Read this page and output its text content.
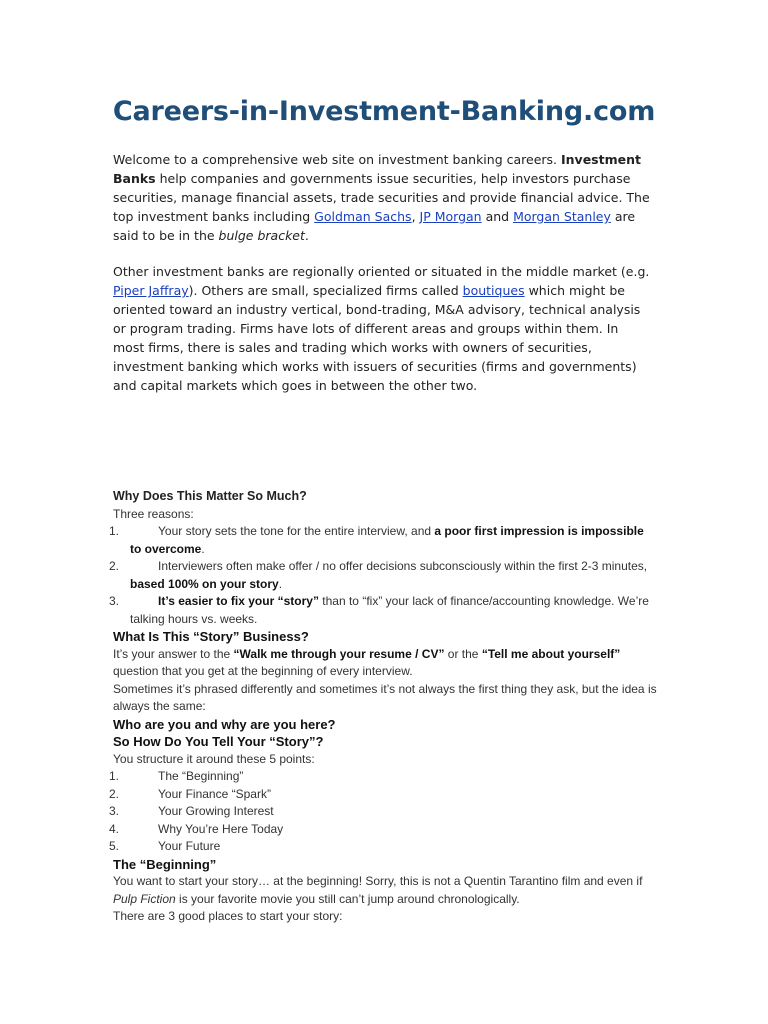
Careers-in-Investment-Banking.com
Welcome to a comprehensive web site on investment banking careers. Investment Banks help companies and governments issue securities, help investors purchase securities, manage financial assets, trade securities and provide financial advice. The top investment banks including Goldman Sachs, JP Morgan and Morgan Stanley are said to be in the bulge bracket.
Other investment banks are regionally oriented or situated in the middle market (e.g. Piper Jaffray). Others are small, specialized firms called boutiques which might be oriented toward an industry vertical, bond-trading, M&A advisory, technical analysis or program trading. Firms have lots of different areas and groups within them. In most firms, there is sales and trading which works with owners of securities, investment banking which works with issuers of securities (firms and governments) and capital markets which goes in between the other two.
Why Does This Matter So Much?
Three reasons:
1.	Your story sets the tone for the entire interview, and a poor first impression is impossible to overcome.
2.	Interviewers often make offer / no offer decisions subconsciously within the first 2-3 minutes, based 100% on your story.
3.	It’s easier to fix your “story” than to “fix” your lack of finance/accounting knowledge. We’re talking hours vs. weeks.
What Is This “Story” Business?
It’s your answer to the “Walk me through your resume / CV” or the “Tell me about yourself” question that you get at the beginning of every interview.
Sometimes it’s phrased differently and sometimes it’s not always the first thing they ask, but the idea is always the same:
Who are you and why are you here?
So How Do You Tell Your “Story”?
You structure it around these 5 points:
1.	The “Beginning”
2.	Your Finance “Spark”
3.	Your Growing Interest
4.	Why You’re Here Today
5.	Your Future
The “Beginning”
You want to start your story… at the beginning! Sorry, this is not a Quentin Tarantino film and even if Pulp Fiction is your favorite movie you still can’t jump around chronologically.
There are 3 good places to start your story:
